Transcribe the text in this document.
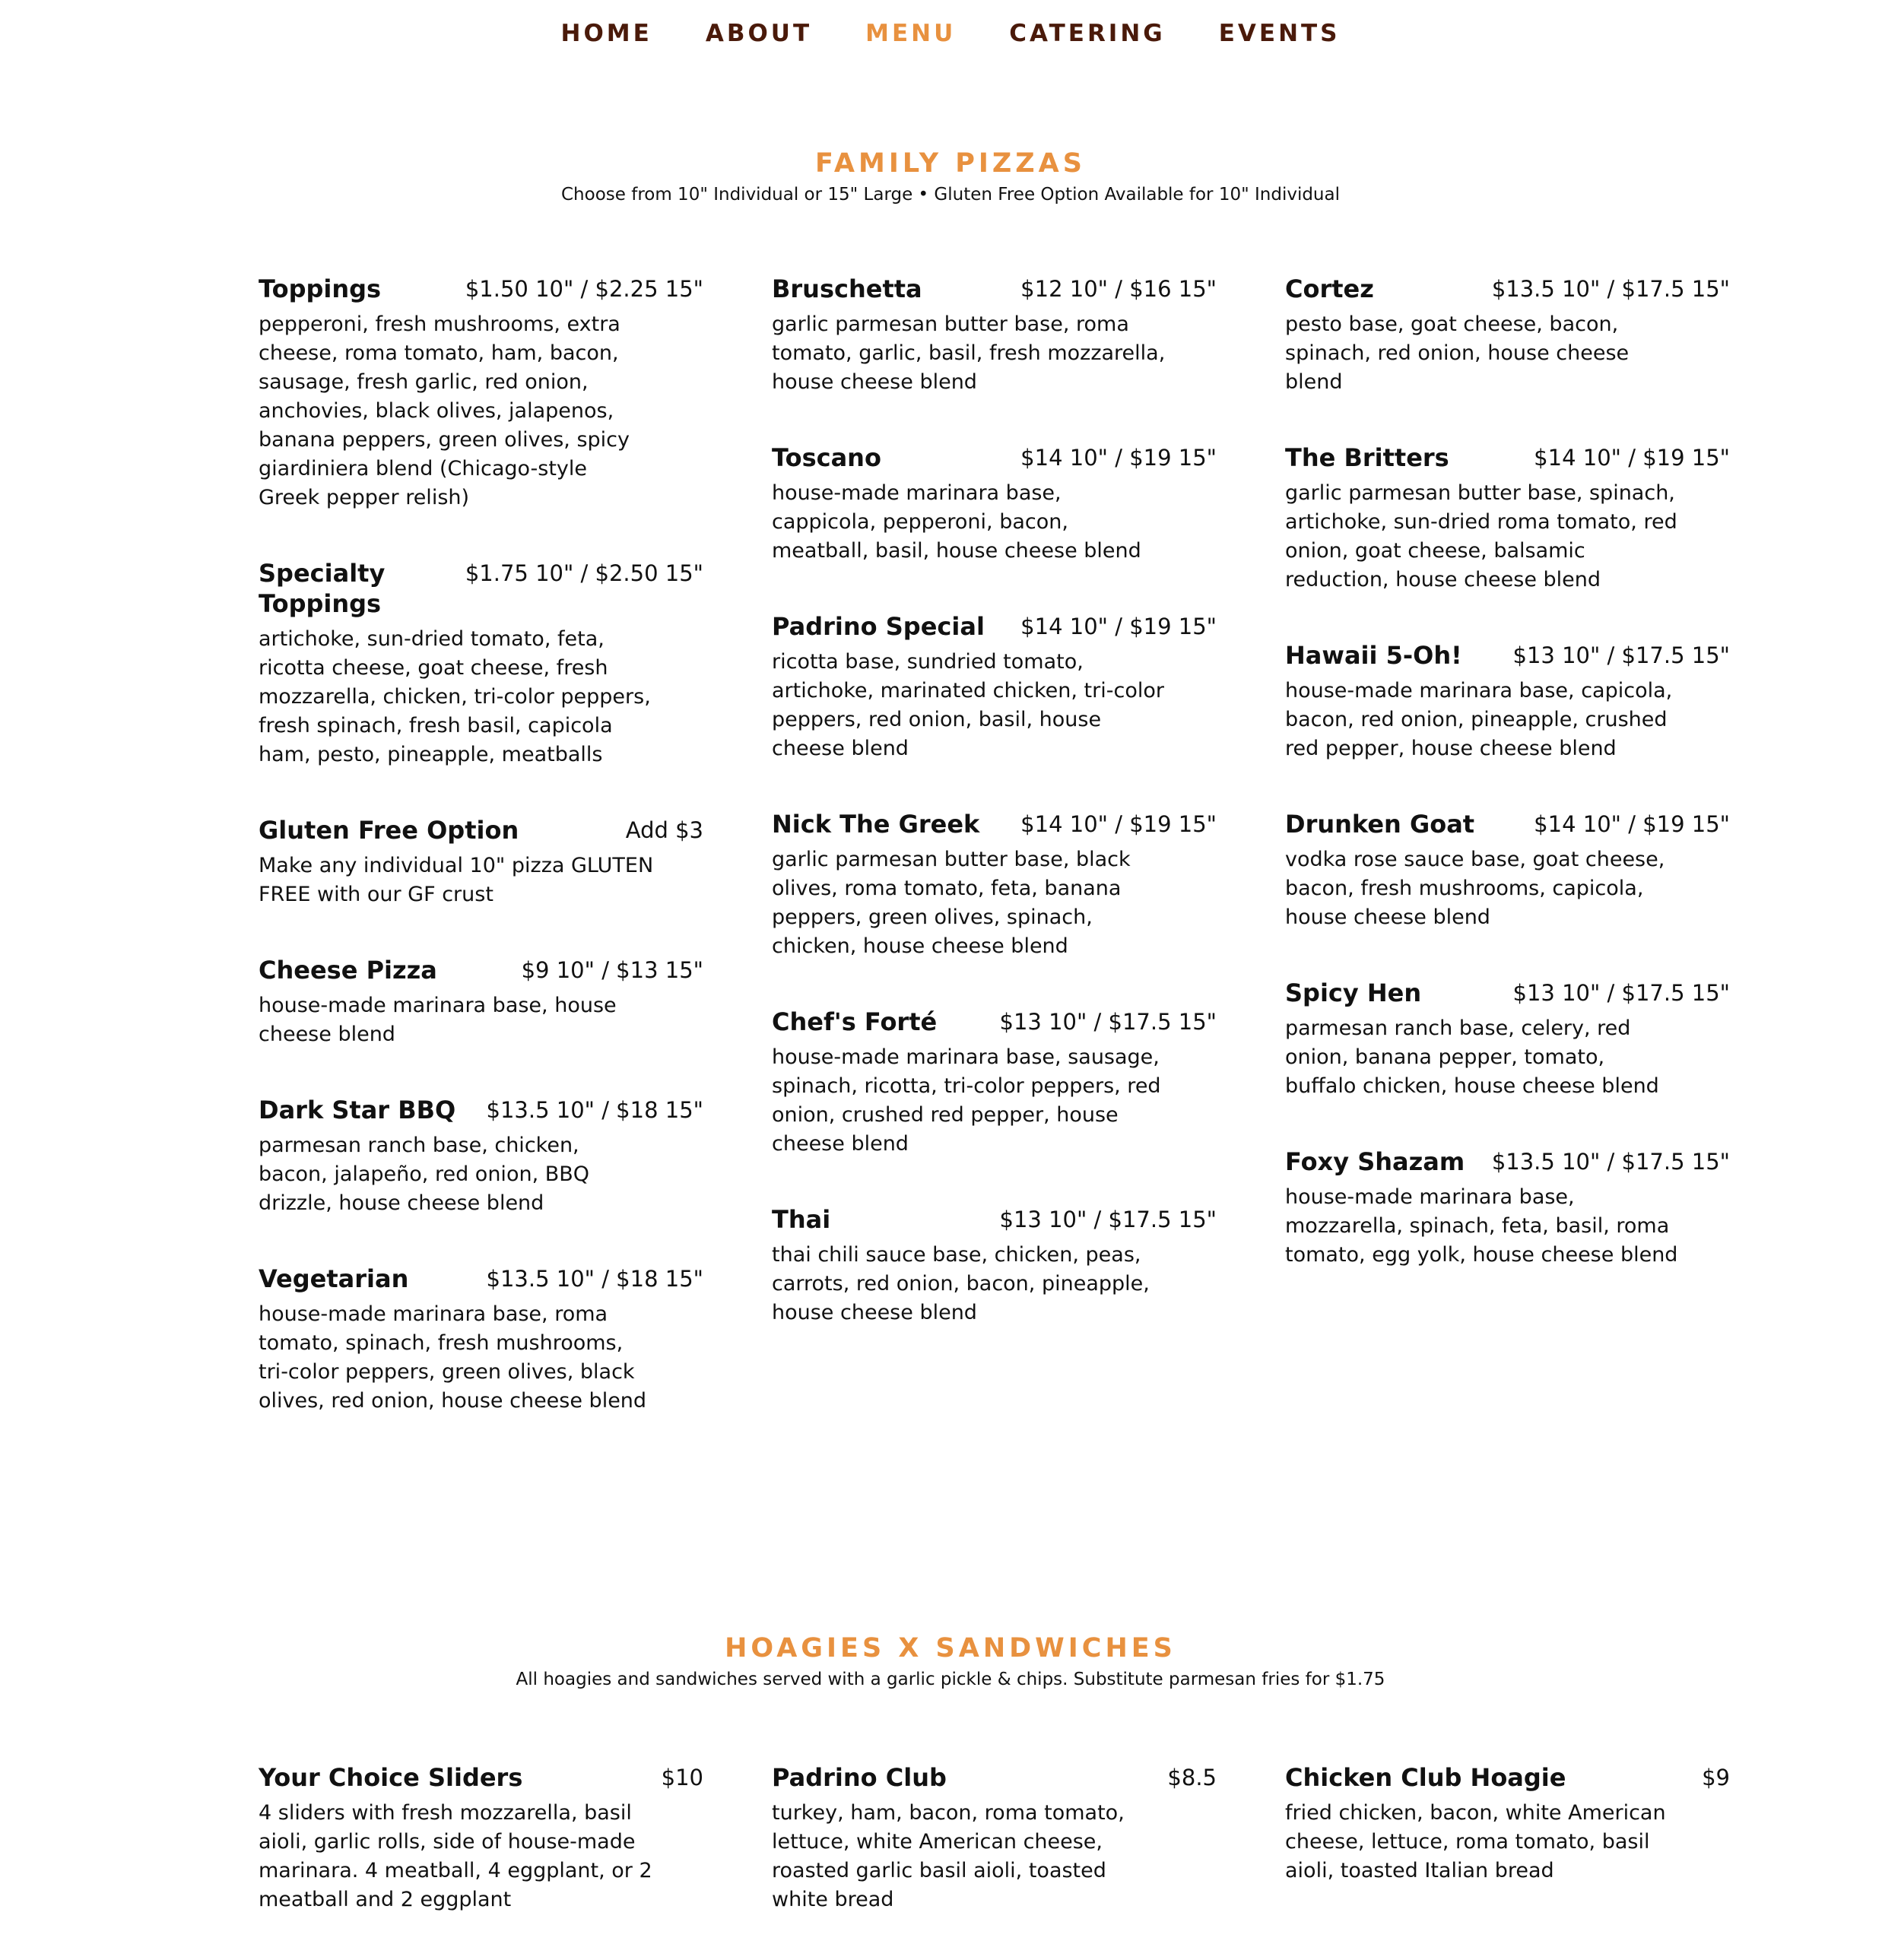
HOME ABOUT MENU CATERING EVENTS
FAMILY PIZZAS

Choose from 10" Individual or 15" Large • Gluten Free Option Available for 10" Individual

Toppings	$1.50 10" / $2.25 15"
pepperoni, fresh mushrooms, extra cheese, roma tomato, ham, bacon, sausage, fresh garlic, red onion, anchovies, black olives, jalapenos, banana peppers, green olives, spicy giardiniera blend (Chicago-style Greek pepper relish)
Specialty Toppings
$1.75 10" / $2.50 15"
artichoke, sun-dried tomato, feta, ricotta cheese, goat cheese, fresh mozzarella, chicken, tri-color peppers, fresh spinach, fresh basil, capicola ham, pesto, pineapple, meatballs
Gluten Free Option	Add $3
Make any individual 10" pizza GLUTEN FREE with our GF crust
Cheese Pizza	$9 10" / $13 15"
house-made marinara base, house cheese blend
Dark Star BBQ $13.5 10" / $18 15"
parmesan ranch base, chicken, bacon, jalapeño, red onion, BBQ drizzle, house cheese blend
Vegetarian	$13.5 10" / $18 15"
house-made marinara base, roma tomato, spinach, fresh mushrooms, tri-color peppers, green olives, black olives, red onion, house cheese blend
Bruschetta	$12 10" / $16 15"
garlic parmesan butter base, roma tomato, garlic, basil, fresh mozzarella, house cheese blend
Toscano	$14 10" / $19 15"
house-made marinara base, cappicola, pepperoni, bacon, meatball, basil, house cheese blend
Padrino Special $14 10" / $19 15"
ricotta base, sundried tomato, artichoke, marinated chicken, tri-color peppers, red onion, basil, house cheese blend
Nick The Greek $14 10" / $19 15"
garlic parmesan butter base, black olives, roma tomato, feta, banana peppers, green olives, spinach, chicken, house cheese blend
Chef's Forté	$13 10" / $17.5 15"
house-made marinara base, sausage, spinach, ricotta, tri-color peppers, red onion, crushed red pepper, house cheese blend
Thai	$13 10" / $17.5 15"
thai chili sauce base, chicken, peas, carrots, red onion, bacon, pineapple, house cheese blend
Cortez	$13.5 10" / $17.5 15"
pesto base, goat cheese, bacon, spinach, red onion, house cheese blend
The Britters	$14 10" / $19 15"
garlic parmesan butter base, spinach, artichoke, sun-dried roma tomato, red onion, goat cheese, balsamic reduction, house cheese blend
Hawaii 5-Oh! $13 10" / $17.5 15"
house-made marinara base, capicola, bacon, red onion, pineapple, crushed red pepper, house cheese blend
Drunken Goat	$14 10" / $19 15"
vodka rose sauce base, goat cheese, bacon, fresh mushrooms, capicola, house cheese blend
Spicy Hen	$13 10" / $17.5 15"
parmesan ranch base, celery, red onion, banana pepper, tomato, buffalo chicken, house cheese blend
Foxy Shazam $13.5 10" / $17.5 15"
house-made marinara base, mozzarella, spinach, feta, basil, roma tomato, egg yolk, house cheese blend
HOAGIES X SANDWICHES

All hoagies and sandwiches served with a garlic pickle & chips. Substitute parmesan fries for $1.75

Your Choice Sliders	$10
4 sliders with fresh mozzarella, basil aioli, garlic rolls, side of house-made marinara. 4 meatball, 4 eggplant, or 2 meatball and 2 eggplant
Padrino Club	$8.5
turkey, ham, bacon, roma tomato, lettuce, white American cheese, roasted garlic basil aioli, toasted white bread
Chicken Club Hoagie	$9
fried chicken, bacon, white American cheese, lettuce, roma tomato, basil aioli, toasted Italian bread
